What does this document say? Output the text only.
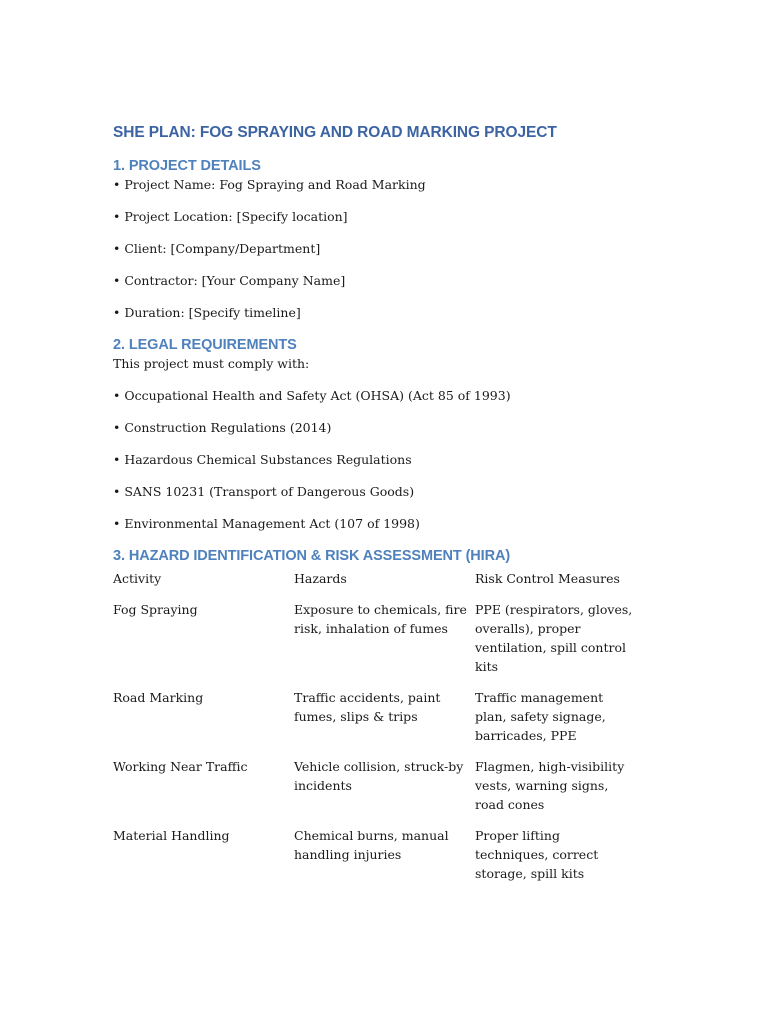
SHE PLAN: FOG SPRAYING AND ROAD MARKING PROJECT
1. PROJECT DETAILS
• Project Name: Fog Spraying and Road Marking
• Project Location: [Specify location]
• Client: [Company/Department]
• Contractor: [Your Company Name]
• Duration: [Specify timeline]
2. LEGAL REQUIREMENTS
This project must comply with:
• Occupational Health and Safety Act (OHSA) (Act 85 of 1993)
• Construction Regulations (2014)
• Hazardous Chemical Substances Regulations
• SANS 10231 (Transport of Dangerous Goods)
• Environmental Management Act (107 of 1998)
3. HAZARD IDENTIFICATION & RISK ASSESSMENT (HIRA)
Activity	Hazards	Risk Control Measures
Fog Spraying	Exposure to chemicals, fire risk, inhalation of fumes	PPE (respirators, gloves, overalls), proper ventilation, spill control kits
Road Marking	Traffic accidents, paint fumes, slips & trips	Traffic management plan, safety signage, barricades, PPE
Working Near Traffic	Vehicle collision, struck-by incidents	Flagmen, high-visibility vests, warning signs, road cones
Material Handling	Chemical burns, manual handling injuries	Proper lifting techniques, correct storage, spill kits
